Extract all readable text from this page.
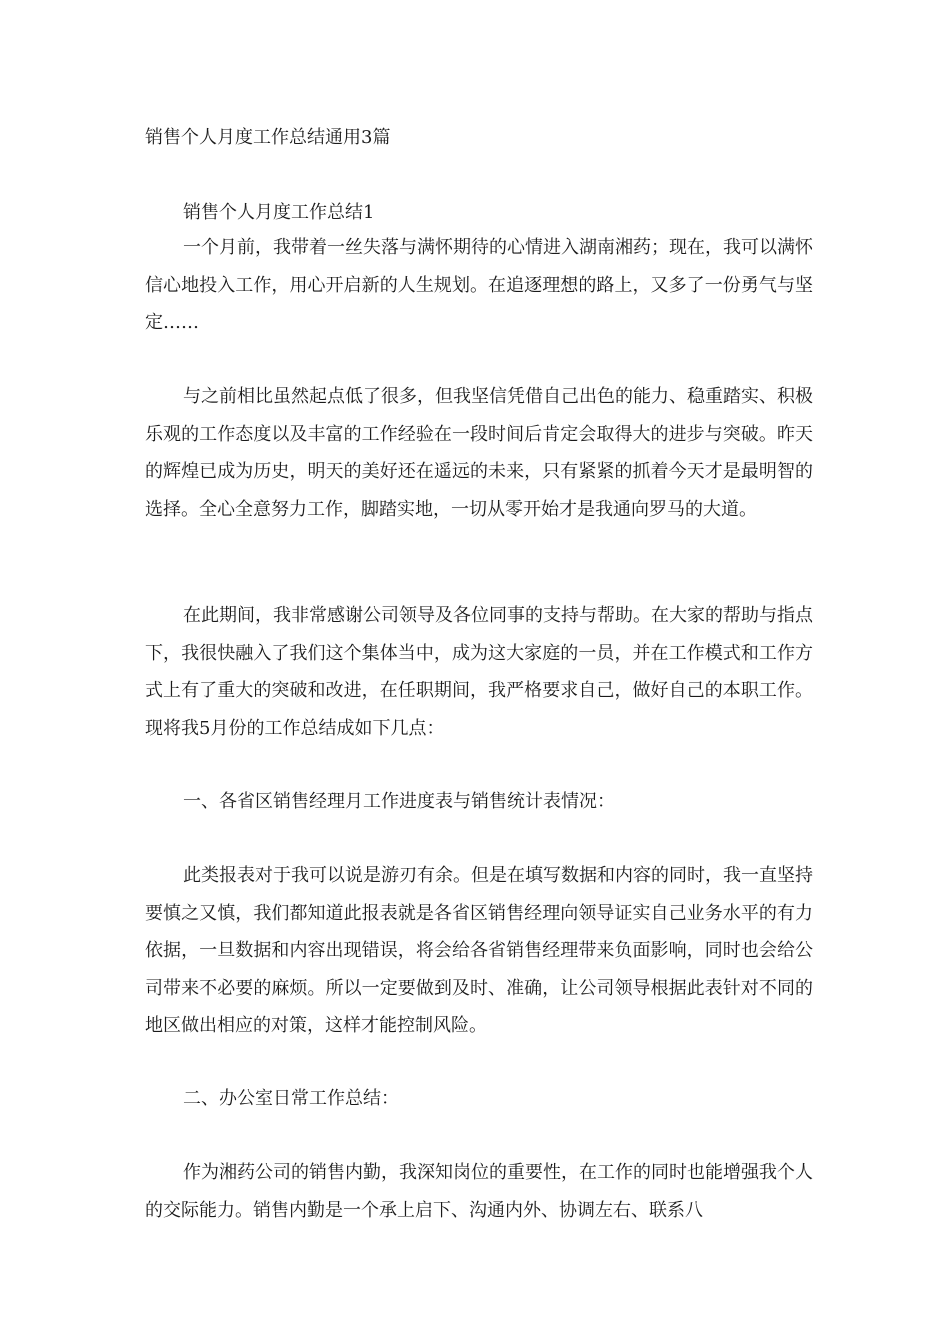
销售个人月度工作总结通用3篇
销售个人月度工作总结1

一个月前，我带着一丝失落与满怀期待的心情进入湖南湘药；现在，我可以满怀信心地投入工作，用心开启新的人生规划。在追逐理想的路上，又多了一份勇气与坚定……

与之前相比虽然起点低了很多，但我坚信凭借自己出色的能力、稳重踏实、积极乐观的工作态度以及丰富的工作经验在一段时间后肯定会取得大的进步与突破。昨天的辉煌已成为历史，明天的美好还在遥远的未来，只有紧紧的抓着今天才是最明智的选择。全心全意努力工作，脚踏实地，一切从零开始才是我通向罗马的大道。

在此期间，我非常感谢公司领导及各位同事的支持与帮助。在大家的帮助与指点下，我很快融入了我们这个集体当中，成为这大家庭的一员，并在工作模式和工作方式上有了重大的突破和改进，在任职期间，我严格要求自己，做好自己的本职工作。现将我5月份的工作总结成如下几点：

一、各省区销售经理月工作进度表与销售统计表情况：

此类报表对于我可以说是游刃有余。但是在填写数据和内容的同时，我一直坚持要慎之又慎，我们都知道此报表就是各省区销售经理向领导证实自己业务水平的有力依据，一旦数据和内容出现错误，将会给各省销售经理带来负面影响，同时也会给公司带来不必要的麻烦。所以一定要做到及时、准确，让公司领导根据此表针对不同的地区做出相应的对策，这样才能控制风险。

二、办公室日常工作总结：

作为湘药公司的销售内勤，我深知岗位的重要性，在工作的同时也能增强我个人的交际能力。销售内勤是一个承上启下、沟通内外、协调左右、联系八
